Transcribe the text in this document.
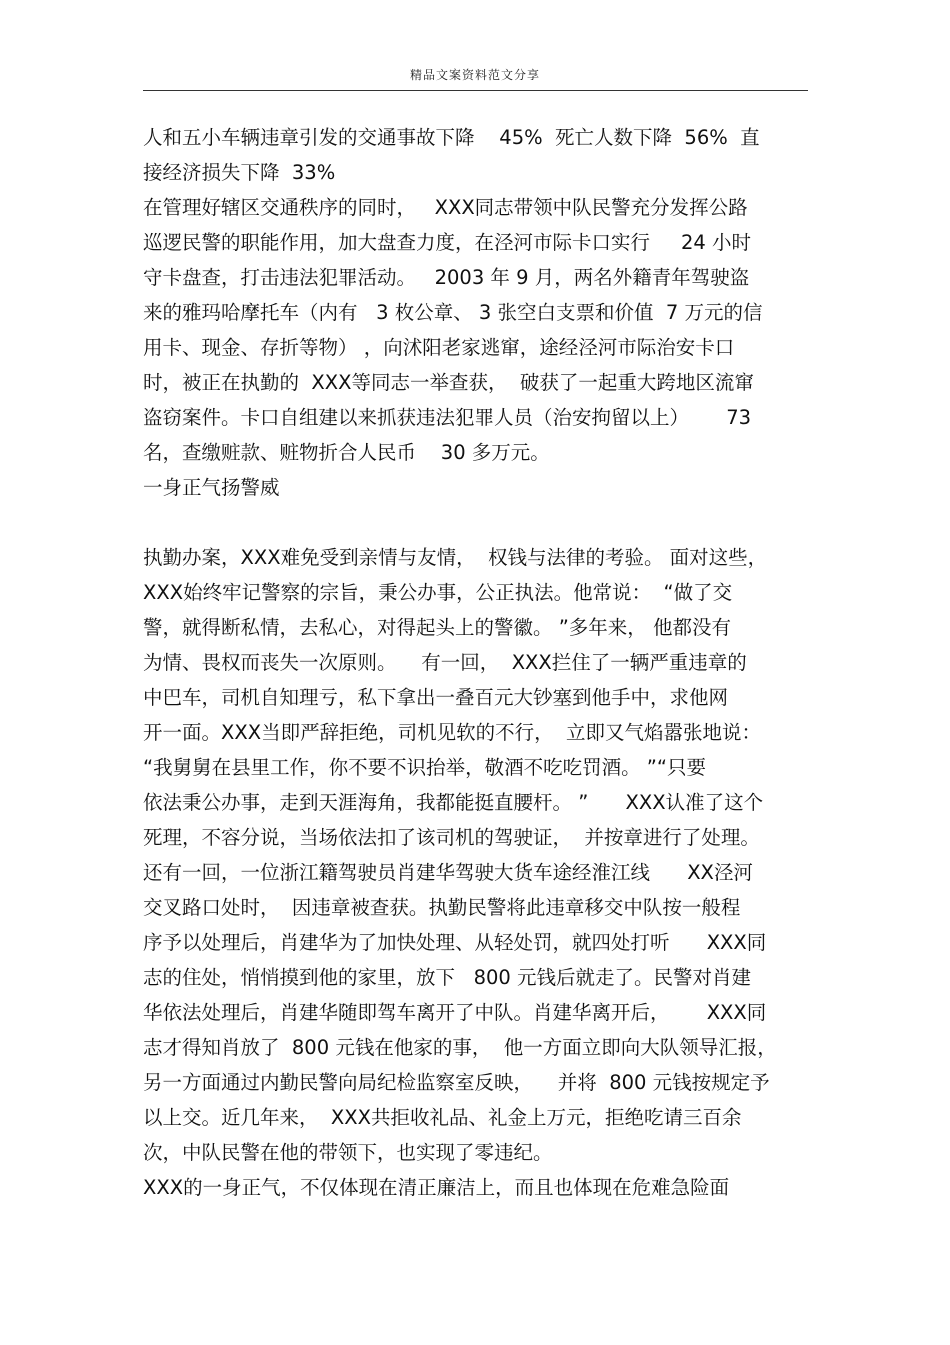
精品文案资料范文分享
人和五小车辆违章引发的交通事故下降    45%  死亡人数下降  56%  直
接经济损失下降  33%
在管理好辖区交通秩序的同时，   XXX同志带领中队民警充分发挥公路
巡逻民警的职能作用，加大盘查力度，在泾河市际卡口实行     24 小时
守卡盘查，打击违法犯罪活动。   2003 年 9 月，两名外籍青年驾驶盗
来的雅玛哈摩托车（内有   3 枚公章、 3 张空白支票和价值  7 万元的信
用卡、现金、存折等物） ，向沭阳老家逃窜，途经泾河市际治安卡口
时，被正在执勤的  XXX等同志一举查获，  破获了一起重大跨地区流窜
盗窃案件。卡口自组建以来抓获违法犯罪人员（治安拘留以上）      73
名，查缴赃款、赃物折合人民币    30 多万元。
一身正气扬警威
执勤办案，XXX难免受到亲情与友情，  权钱与法律的考验。 面对这些，
XXX始终牢记警察的宗旨，秉公办事，公正执法。他常说：  “做了交
警，就得断私情，去私心，对得起头上的警徽。 ”多年来， 他都没有
为情、畏权而丧失一次原则。    有一回，  XXX拦住了一辆严重违章的
中巴车，司机自知理亏，私下拿出一叠百元大钞塞到他手中，求他网
开一面。XXX当即严辞拒绝，司机见软的不行，  立即又气焰嚣张地说：
“我舅舅在县里工作，你不要不识抬举，敬酒不吃吃罚酒。 ”“只要
依法秉公办事，走到天涯海角，我都能挺直腰杆。 ”      XXX认准了这个
死理，不容分说，当场依法扣了该司机的驾驶证，  并按章进行了处理。
还有一回，一位浙江籍驾驶员肖建华驾驶大货车途经淮江线      XX泾河
交叉路口处时，  因违章被查获。执勤民警将此违章移交中队按一般程
序予以处理后，肖建华为了加快处理、从轻处罚，就四处打听      XXX同
志的住处，悄悄摸到他的家里，放下   800 元钱后就走了。民警对肖建
华依法处理后，肖建华随即驾车离开了中队。肖建华离开后，      XXX同
志才得知肖放了  800 元钱在他家的事，  他一方面立即向大队领导汇报，
另一方面通过内勤民警向局纪检监察室反映，    并将  800 元钱按规定予
以上交。近几年来，  XXX共拒收礼品、礼金上万元，拒绝吃请三百余
次，中队民警在他的带领下，也实现了零违纪。
XXX的一身正气，不仅体现在清正廉洁上，而且也体现在危难急险面
